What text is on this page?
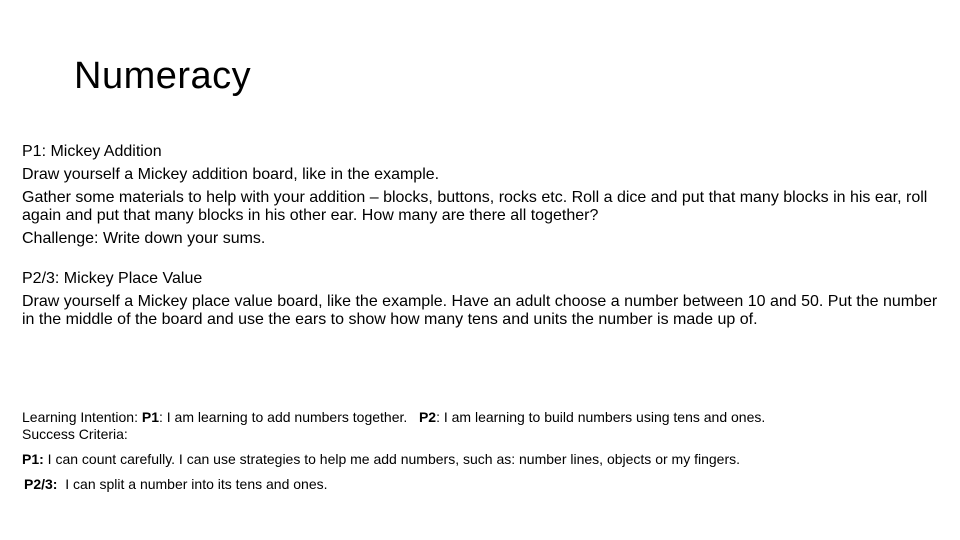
Numeracy

P1: Mickey Addition

Draw yourself a Mickey addition board, like in the example.

Gather some materials to help with your addition – blocks, buttons, rocks etc. Roll a dice and put that many blocks in his ear, roll again and put that many blocks in his other ear. How many are there all together?

Challenge: Write down your sums.

P2/3: Mickey Place Value

Draw yourself a Mickey place value board, like the example. Have an adult choose a number between 10 and 50. Put the number in the middle of the board and use the ears to show how many tens and units the number is made up of.

Learning Intention: P1: I am learning to add numbers together. P2: I am learning to build numbers using tens and ones.

Success Criteria:

P1: I can count carefully. I can use strategies to help me add numbers, such as: number lines, objects or my fingers.

P2/3:  I can split a number into its tens and ones.
